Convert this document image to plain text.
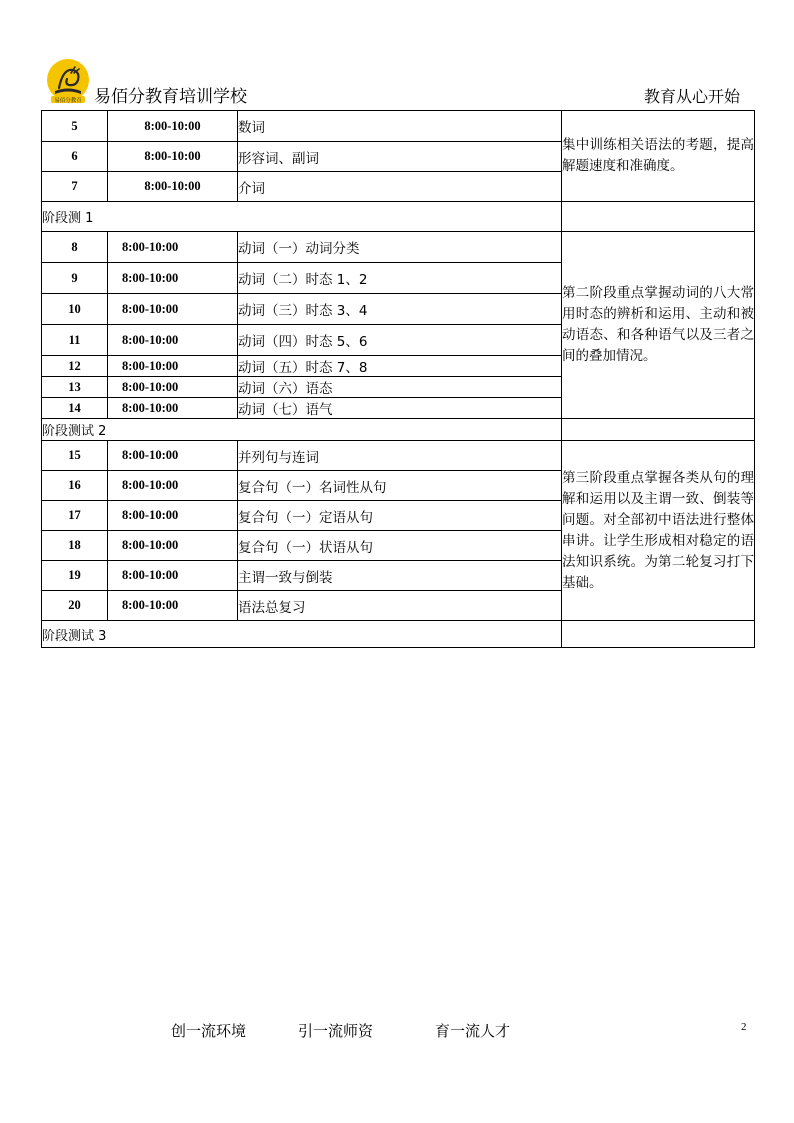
易佰分教育 易佰分教育培训学校	教育从心开始
5	8:00-10:00	数词	集中训练相关语法的考题，提高解题速度和准确度。
6	8:00-10:00	形容词、副词	
7	8:00-10:00	介词	
阶段测 1			
8	8:00-10:00	动词（一）动词分类	第二阶段重点掌握动词的八大常用时态的辨析和运用、主动和被动语态、和各种语气以及三者之间的叠加情况。
9	8:00-10:00	动词（二）时态 1、2	
10	8:00-10:00	动词（三）时态 3、4	
11	8:00-10:00	动词（四）时态 5、6	
12	8:00-10:00	动词（五）时态 7、8	
13	8:00-10:00	动词（六）语态	
14	8:00-10:00	动词（七）语气	
阶段测试 2			
15	8:00-10:00	并列句与连词	第三阶段重点掌握各类从句的理解和运用以及主谓一致、倒装等问题。对全部初中语法进行整体串讲。让学生形成相对稳定的语法知识系统。为第二轮复习打下基础。
16	8:00-10:00	复合句（一）名词性从句	
17	8:00-10:00	复合句（一）定语从句	
18	8:00-10:00	复合句（一）状语从句	
19	8:00-10:00	主谓一致与倒装	
20	8:00-10:00	语法总复习	
阶段测试 3			
创一流环境	引一流师资	育一流人才	2
